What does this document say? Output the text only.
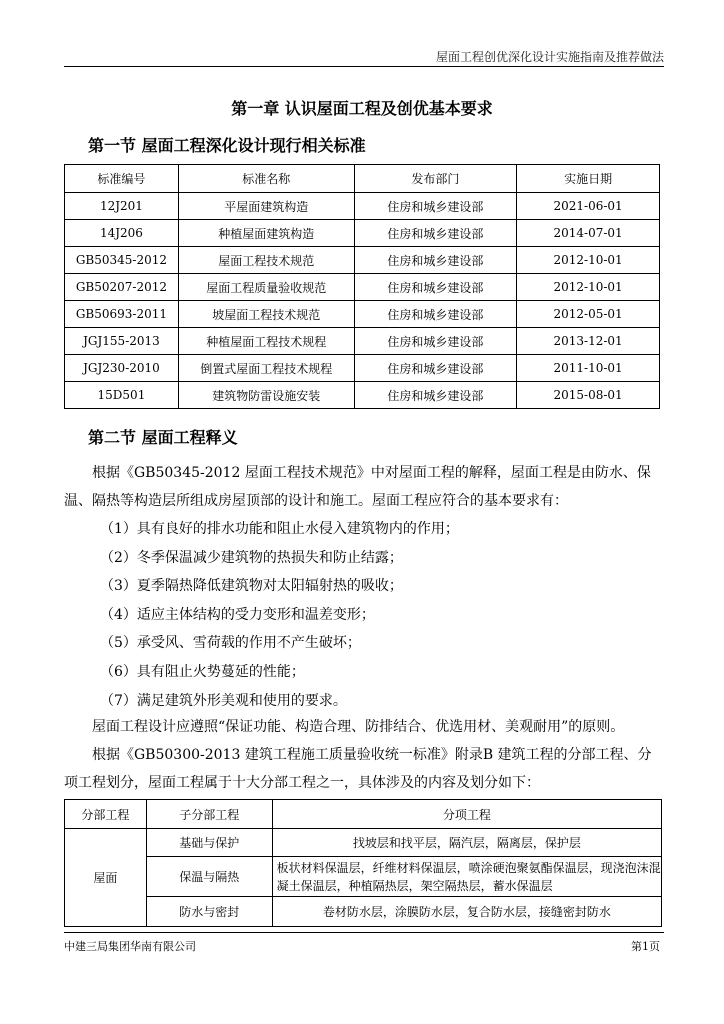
屋面工程创优深化设计实施指南及推荐做法
第一章 认识屋面工程及创优基本要求
第一节 屋面工程深化设计现行相关标准
标准编号	标准名称	发布部门	实施日期
12J201	平屋面建筑构造	住房和城乡建设部	2021-06-01
14J206	种植屋面建筑构造	住房和城乡建设部	2014-07-01
GB50345-2012	屋面工程技术规范	住房和城乡建设部	2012-10-01
GB50207-2012	屋面工程质量验收规范	住房和城乡建设部	2012-10-01
GB50693-2011	坡屋面工程技术规范	住房和城乡建设部	2012-05-01
JGJ155-2013	种植屋面工程技术规程	住房和城乡建设部	2013-12-01
JGJ230-2010	倒置式屋面工程技术规程	住房和城乡建设部	2011-10-01
15D501	建筑物防雷设施安装	住房和城乡建设部	2015-08-01
第二节 屋面工程释义

根据《GB50345-2012 屋面工程技术规范》中对屋面工程的解释，屋面工程是由防水、保温、隔热等构造层所组成房屋顶部的设计和施工。屋面工程应符合的基本要求有：

（1）具有良好的排水功能和阻止水侵入建筑物内的作用；
（2）冬季保温减少建筑物的热损失和防止结露；
（3）夏季隔热降低建筑物对太阳辐射热的吸收；
（4）适应主体结构的受力变形和温差变形；
（5）承受风、雪荷载的作用不产生破坏；
（6）具有阻止火势蔓延的性能；
（7）满足建筑外形美观和使用的要求。

屋面工程设计应遵照“保证功能、构造合理、防排结合、优选用材、美观耐用”的原则。

根据《GB50300-2013 建筑工程施工质量验收统一标准》附录B 建筑工程的分部工程、分项工程划分，屋面工程属于十大分部工程之一，具体涉及的内容及划分如下：

分部工程	子分部工程	分项工程
屋面	基础与保护	找坡层和找平层，隔汽层，隔离层，保护层
	保温与隔热	板状材料保温层，纤维材料保温层，喷涂硬泡聚氨酯保温层，现浇泡沫混凝土保温层，种植隔热层，架空隔热层，蓄水保温层
	防水与密封	卷材防水层，涂膜防水层，复合防水层，接缝密封防水
中建三局集团华南有限公司	第1页
